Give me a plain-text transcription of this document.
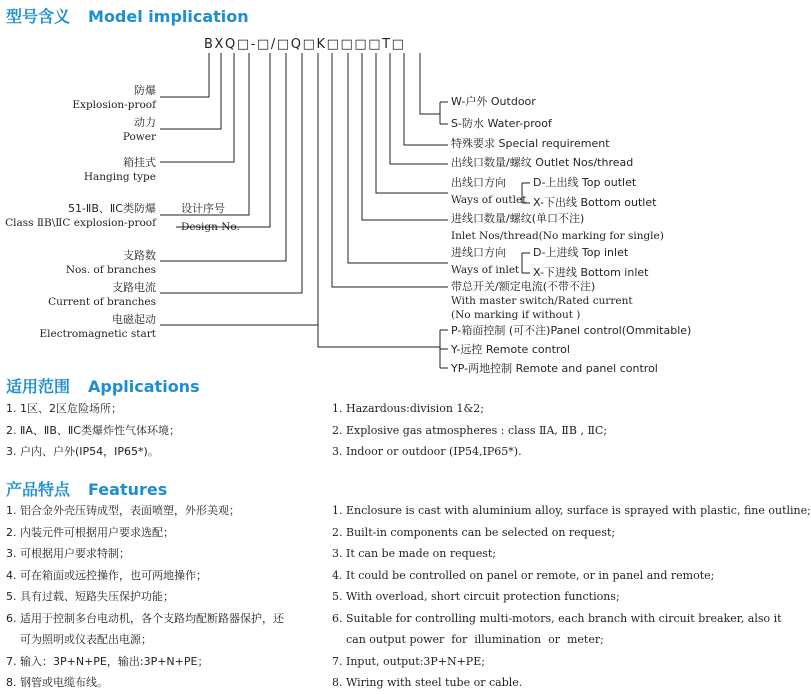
型号含义 Model implication
适用范围 Applications
产品特点 Features
BXQ□-□/□Q□K□□□□T□
防爆
Explosion-proof
动力
Power
箱挂式
Hanging type
51-ⅡB、ⅡC类防爆
Class ⅡB\ⅡC explosion-proof
设计序号
Design No.
支路数
Nos. of branches
支路电流
Current of branches
电磁起动
Electromagnetic start
W-户外 Outdoor
S-防水 Water-proof
特殊要求 Special requirement
出线口数量/螺纹 Outlet Nos/thread
出线口方向
Ways of outlet
D-上出线 Top outlet
X-下出线 Bottom outlet
进线口数量/螺纹(单口不注)
Inlet Nos/thread(No marking for single)
进线口方向
Ways of inlet
D-上进线 Top inlet
X-下进线 Bottom inlet
带总开关/额定电流(不带不注)
With master switch/Rated current
(No marking if without )
P-箱面控制 (可不注)Panel control(Ommitable)
Y-远控 Remote control
YP-两地控制 Remote and panel control
1. 1区、2区危险场所；
2. ⅡA、ⅡB、ⅡC类爆炸性气体环境；
3. 户内、户外(IP54，IP65*)。
1. Hazardous:division 1&2;
2. Explosive gas atmospheres : class ⅡA, ⅡB , ⅡC;
3. Indoor or outdoor (IP54,IP65*).
1. 铝合金外壳压铸成型，表面喷塑，外形美观；
2. 内装元件可根据用户要求选配；
3. 可根据用户要求特制；
4. 可在箱面或远控操作，也可两地操作；
5. 具有过载、短路失压保护功能；
6. 适用于控制多台电动机，各个支路均配断路器保护，还
可为照明或仪表配出电源；
7. 输入：3P+N+PE，输出:3P+N+PE；
8. 钢管或电缆布线。
1. Enclosure is cast with aluminium alloy, surface is sprayed with plastic, fine outline;
2. Built-in components can be selected on request;
3. It can be made on request;
4. It could be controlled on panel or remote, or in panel and remote;
5. With overload, short circuit protection functions;
6. Suitable for controlling multi-motors, each branch with circuit breaker, also it
can output power  for  illumination  or  meter;
7. Input, output:3P+N+PE;
8. Wiring with steel tube or cable.
